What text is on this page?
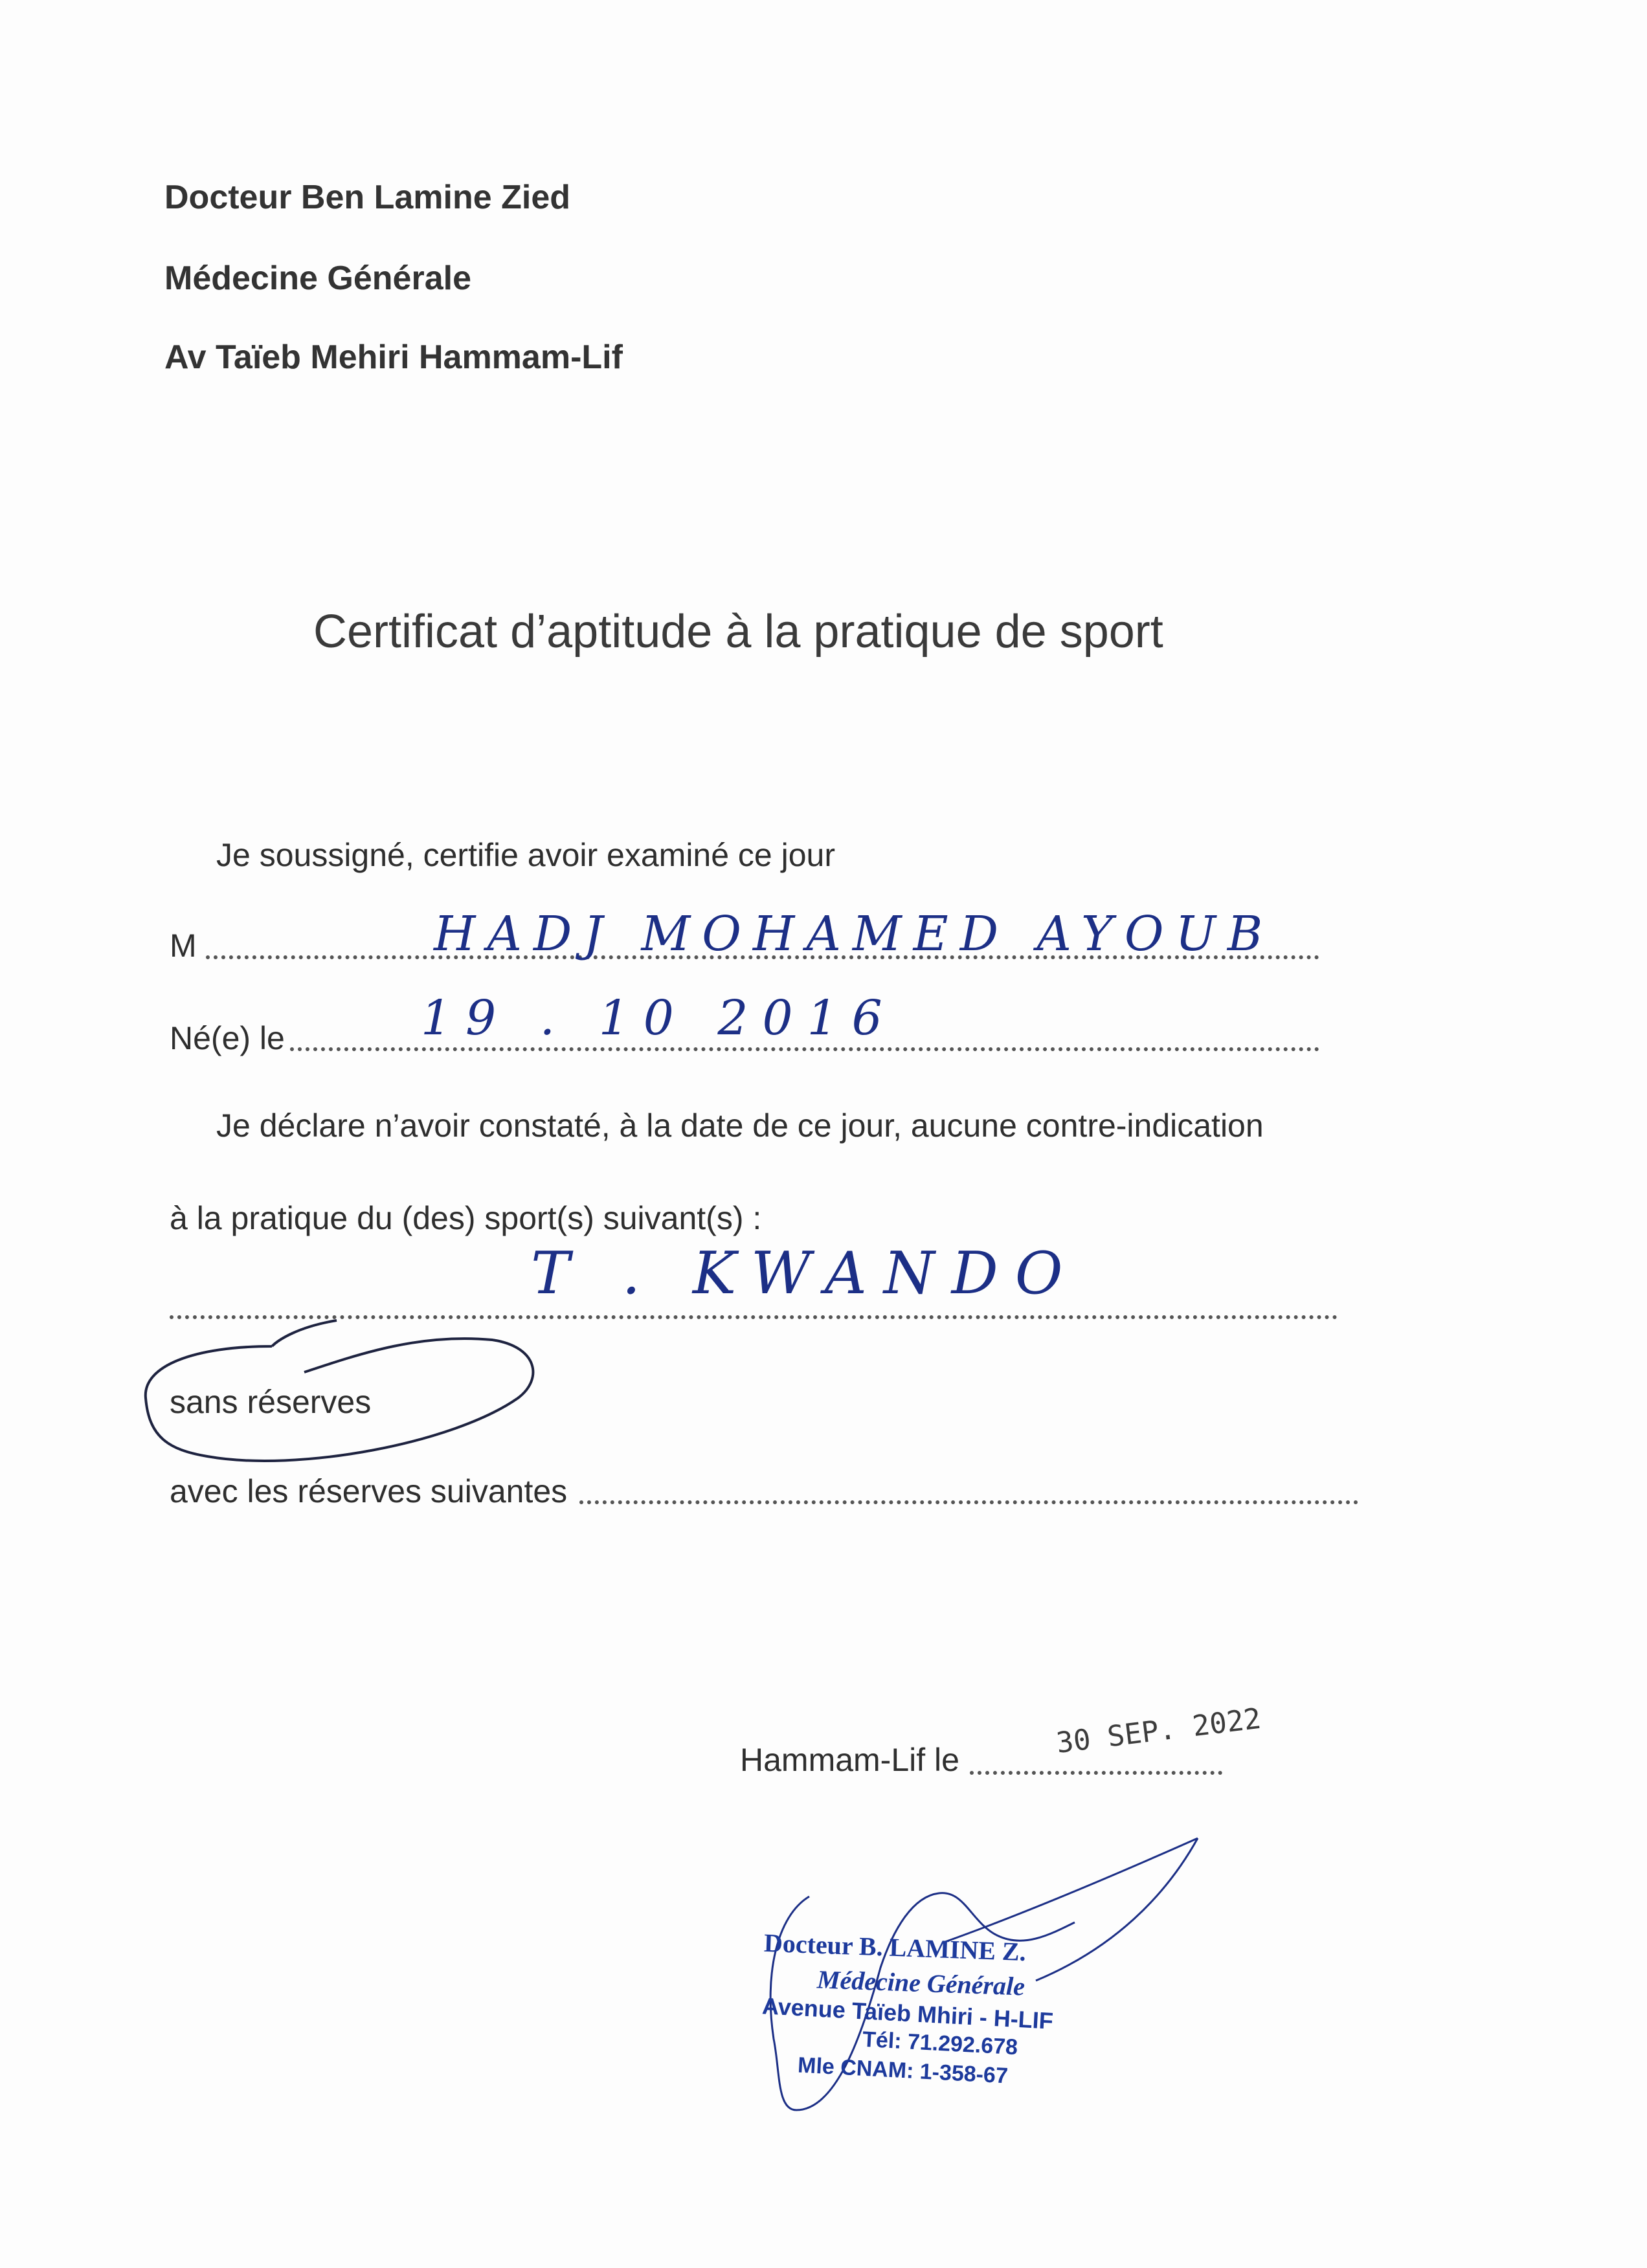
Docteur Ben Lamine Zied
Médecine Générale
Av Taïeb Mehiri Hammam-Lif
Certificat d’aptitude à la pratique de sport
Je soussigné, certifie avoir examiné ce jour
M	HADJ MOHAMED AYOUB
Né(e) le	19 . 10 2016
Je déclare n’avoir constaté, à la date de ce jour, aucune contre-indication
à la pratique du (des) sport(s) suivant(s) :
T . KWANDO
sans réserves
avec les réserves suivantes
Hammam-Lif le	30 SEP. 2022
Docteur B. LAMINE Z.
Médecine Générale
Avenue Taïeb Mhiri - H-LIF
Tél: 71.292.678
Mle CNAM: 1-358-67
